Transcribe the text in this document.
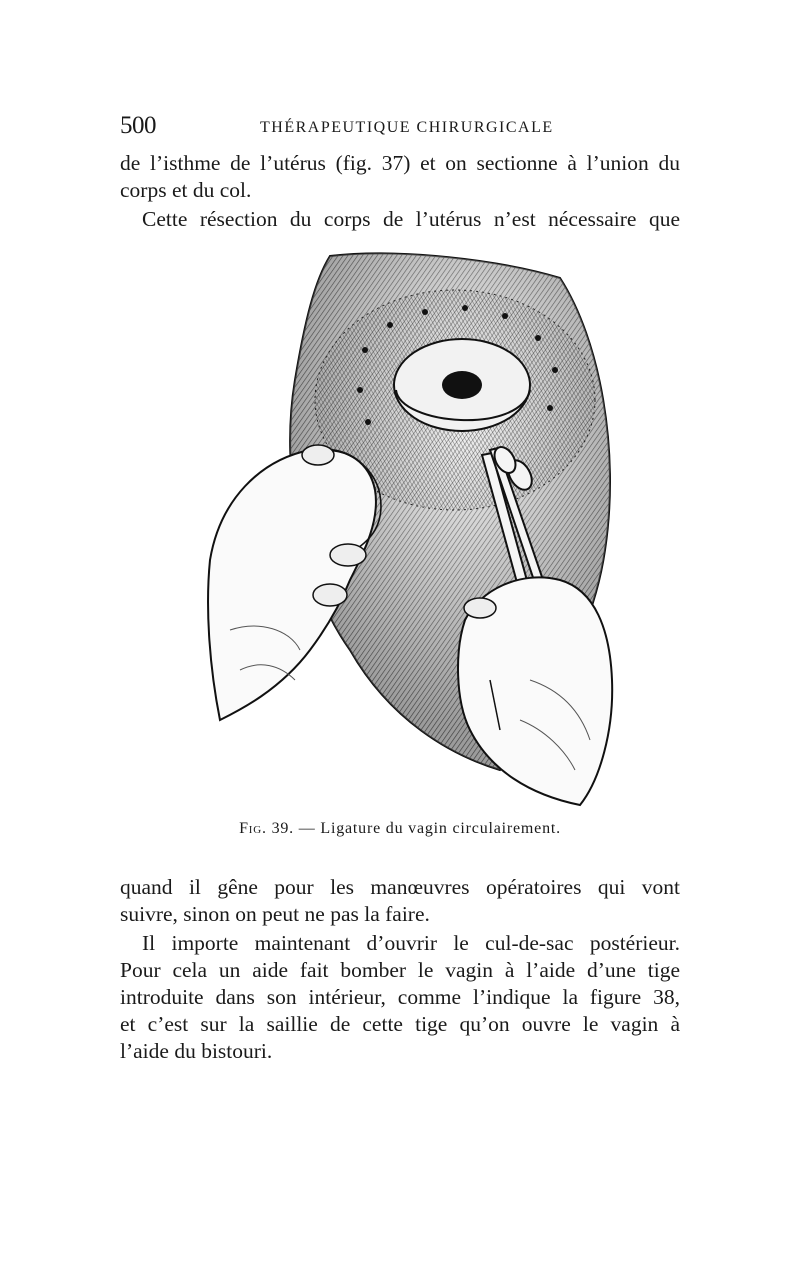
500	THÉRAPEUTIQUE CHIRURGICALE

de l’isthme de l’utérus (fig. 37) et on sectionne à l’union du
corps et du col.

Cette résection du corps de l’utérus n’est nécessaire que

Fig. 39. — Ligature du vagin circulairement.

quand il gêne pour les manœuvres opératoires qui vont
suivre, sinon on peut ne pas la faire.

Il importe maintenant d’ouvrir le cul-de-sac postérieur.
Pour cela un aide fait bomber le vagin à l’aide d’une tige
introduite dans son intérieur, comme l’indique la figure 38,
et c’est sur la saillie de cette tige qu’on ouvre le vagin à
l’aide du bistouri.
